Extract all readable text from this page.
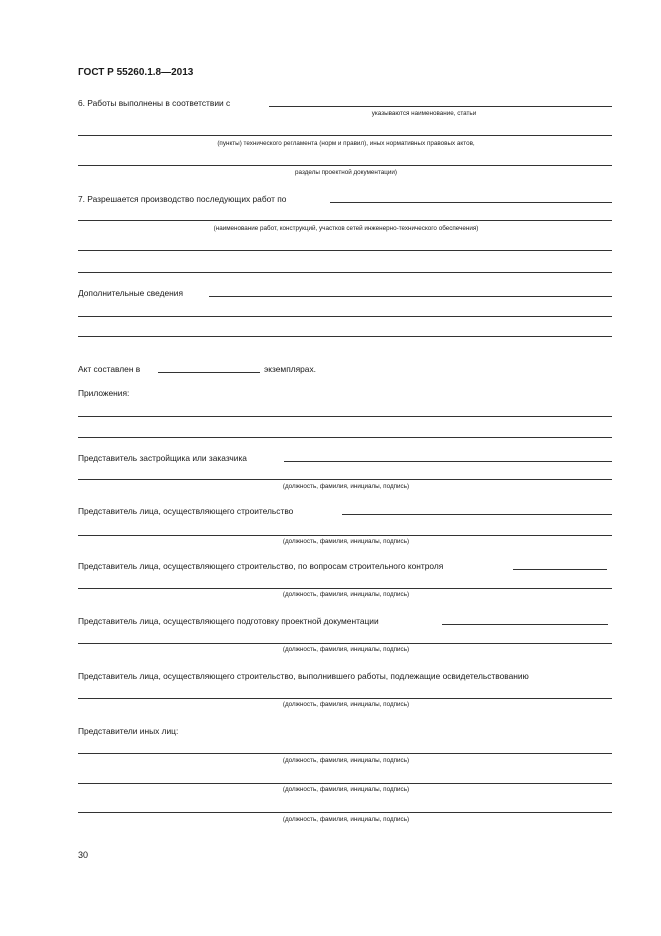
ГОСТ Р 55260.1.8—2013
6. Работы выполнены в соответствии с
указываются наименование, статьи
(пункты) технического регламента (норм и правил), иных нормативных правовых актов,
разделы проектной документации)
7. Разрешается производство последующих работ по
(наименование работ, конструкций, участков сетей инженерно-технического обеспечения)
Дополнительные сведения
Акт составлен в	экземплярах.
Приложения:
Представитель застройщика или заказчика
(должность, фамилия, инициалы, подпись)
Представитель лица, осуществляющего строительство
(должность, фамилия, инициалы, подпись)
Представитель лица, осуществляющего строительство, по вопросам строительного контроля
(должность, фамилия, инициалы, подпись)
Представитель лица, осуществляющего подготовку проектной документации
(должность, фамилия, инициалы, подпись)
Представитель лица, осуществляющего строительство, выполнившего работы, подлежащие освидетельствованию
(должность, фамилия, инициалы, подпись)
Представители иных лиц:
(должность, фамилия, инициалы, подпись)
(должность, фамилия, инициалы, подпись)
(должность, фамилия, инициалы, подпись)
30
